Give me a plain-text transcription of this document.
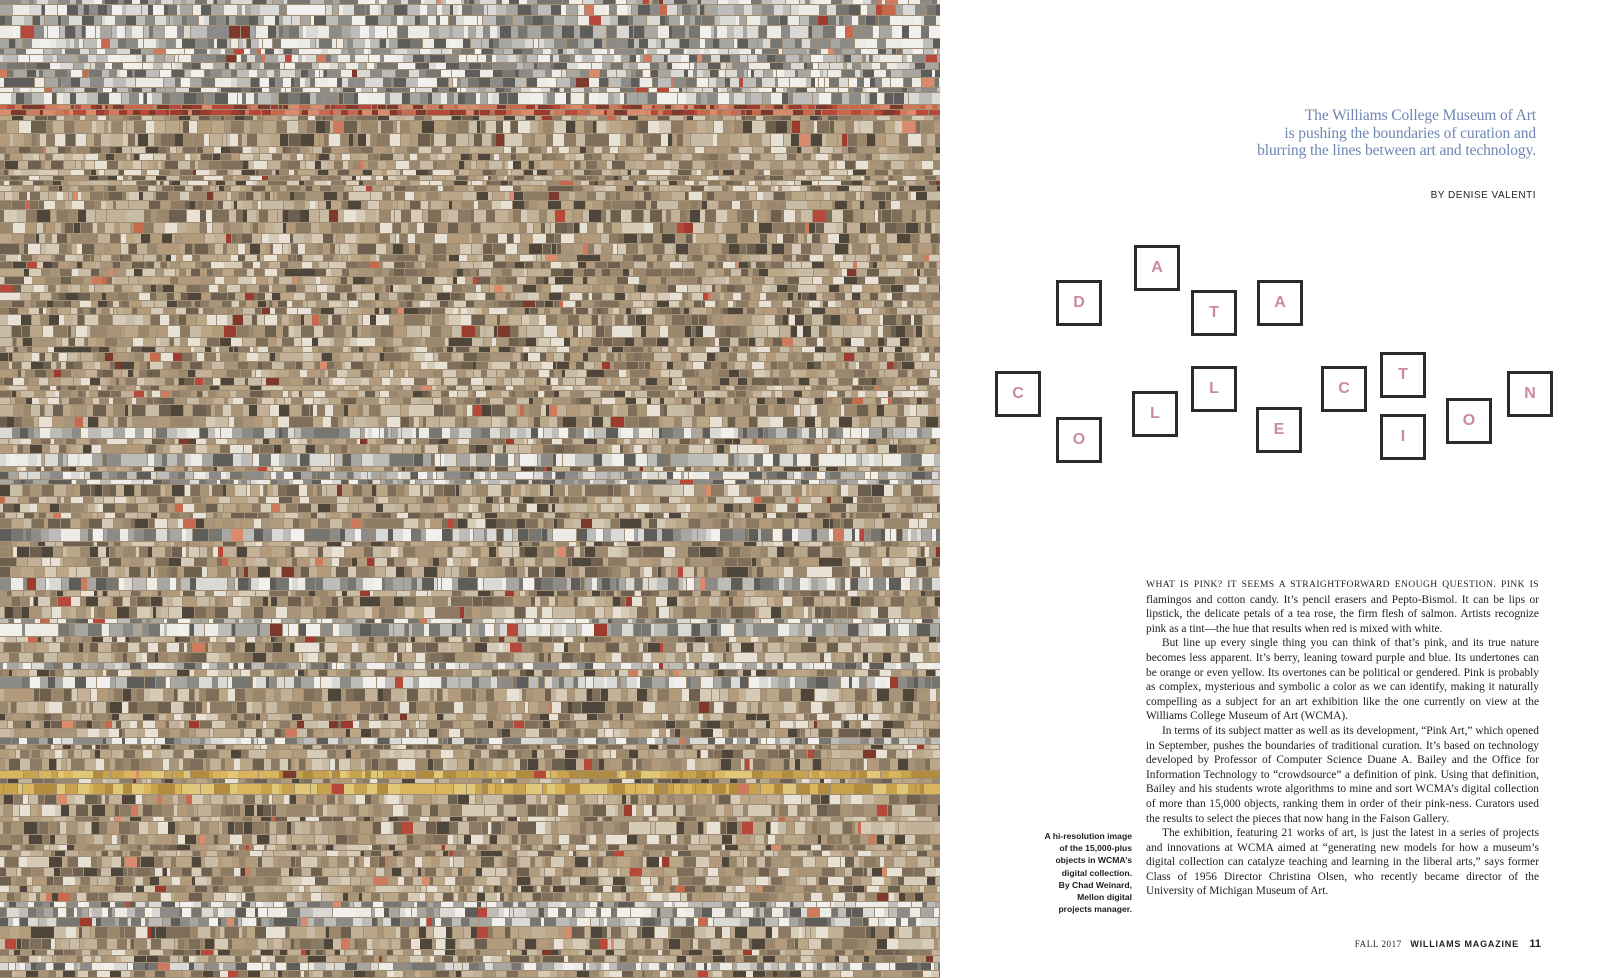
The Williams College Museum of Art
is pushing the boundaries of curation and
blurring the lines between art and technology.
BY DENISE VALENTI
D
A
T
A
C
O
L
L
E
C
T
I
O
N

WHAT IS PINK? IT SEEMS A STRAIGHTFORWARD ENOUGH QUESTION. PINK IS flamingos and cotton candy. It’s pencil erasers and Pepto-Bismol. It can be lips or lipstick, the delicate petals of a tea rose, the firm flesh of salmon. Artists recognize pink as a tint—the hue that results when red is mixed with white.

But line up every single thing you can think of that’s pink, and its true nature becomes less apparent. It’s berry, leaning toward purple and blue. Its undertones can be orange or even yellow. Its overtones can be political or gendered. Pink is probably as complex, mysterious and symbolic a color as we can identify, making it naturally compelling as a subject for an art exhibition like the one currently on view at the Williams College Museum of Art (WCMA).

In terms of its subject matter as well as its development, “Pink Art,” which opened in September, pushes the boundaries of traditional curation. It’s based on technology developed by Professor of Computer Science Duane A. Bailey and the Office for Information Technology to “crowdsource” a definition of pink. Using that definition, Bailey and his students wrote algorithms to mine and sort WCMA’s digital collection of more than 15,000 objects, ranking them in order of their pink-ness. Curators used the results to select the pieces that now hang in the Faison Gallery.

The exhibition, featuring 21 works of art, is just the latest in a series of projects and innovations at WCMA aimed at “generating new models for how a museum’s digital collection can catalyze teaching and learning in the liberal arts,” says former Class of 1956 Director Christina Olsen, who recently became director of the University of Michigan Museum of Art.

A hi-resolution image
of the 15,000-plus
objects in WCMA’s
digital collection.
By Chad Weinard,
Mellon digital
projects manager.
FALL 2017 WILLIAMS MAGAZINE 11
